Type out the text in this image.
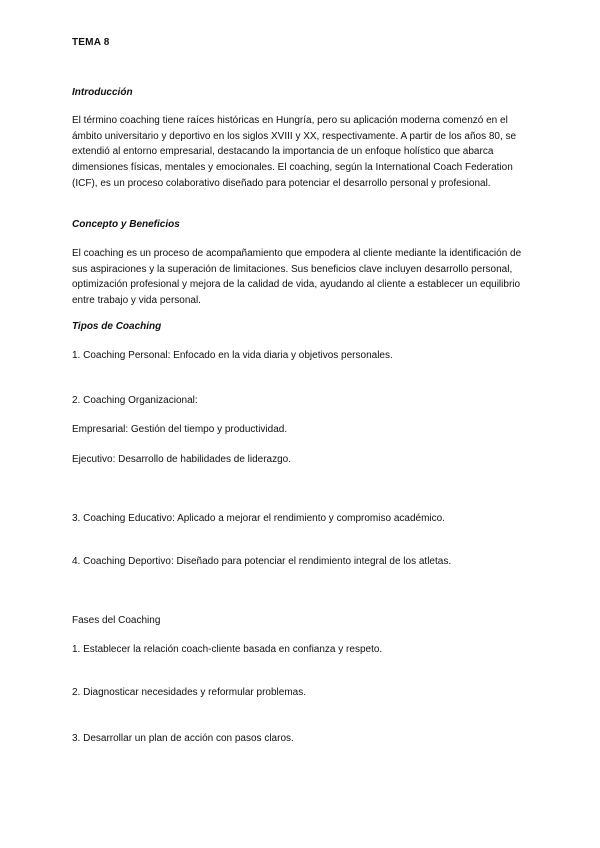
TEMA 8
Introducción

El término coaching tiene raíces históricas en Hungría, pero su aplicación moderna comenzó en el ámbito universitario y deportivo en los siglos XVIII y XX, respectivamente. A partir de los años 80, se extendió al entorno empresarial, destacando la importancia de un enfoque holístico que abarca dimensiones físicas, mentales y emocionales. El coaching, según la International Coach Federation (ICF), es un proceso colaborativo diseñado para potenciar el desarrollo personal y profesional.

Concepto y Beneficios

El coaching es un proceso de acompañamiento que empodera al cliente mediante la identificación de sus aspiraciones y la superación de limitaciones. Sus beneficios clave incluyen desarrollo personal, optimización profesional y mejora de la calidad de vida, ayudando al cliente a establecer un equilibrio entre trabajo y vida personal.

Tipos de Coaching

1. Coaching Personal: Enfocado en la vida diaria y objetivos personales.

2. Coaching Organizacional:

Empresarial: Gestión del tiempo y productividad.

Ejecutivo: Desarrollo de habilidades de liderazgo.

3. Coaching Educativo: Aplicado a mejorar el rendimiento y compromiso académico.

4. Coaching Deportivo: Diseñado para potenciar el rendimiento integral de los atletas.

Fases del Coaching

1. Establecer la relación coach-cliente basada en confianza y respeto.

2. Diagnosticar necesidades y reformular problemas.

3. Desarrollar un plan de acción con pasos claros.
